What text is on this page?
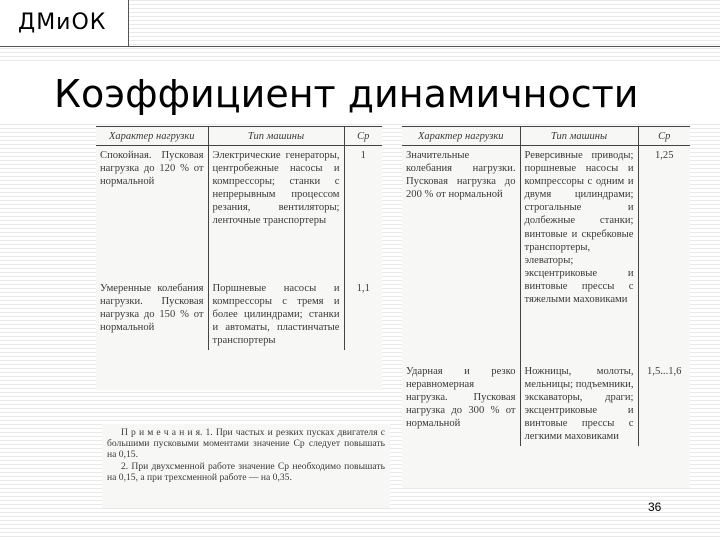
ДМиОК
Коэффициент динамичности
Характер нагрузки	Тип машины	Cр
Спокойная. Пусковая нагрузка до 120 % от нормальной	Электрические генераторы, центробежные насосы и компрессоры; станки с непрерывным процессом резания, вентиляторы; ленточные транспортеры	1
Умеренные колебания нагрузки. Пусковая нагрузка до 150 % от нормальной	Поршневые насосы и компрессоры с тремя и более цилиндрами; станки и автоматы, пластинчатые транспортеры	1,1

П р и м е ч а н и я. 1. При частых и резких пусках двигателя с большими пусковыми моментами значение Cр следует повышать на 0,15.

2. При двухсменной работе значение Cр необходимо повышать на 0,15, а при трехсменной работе — на 0,35.

Характер нагрузки	Тип машины	Cр
Значительные колебания нагрузки. Пусковая нагрузка до 200 % от нормальной	Реверсивные приводы; поршневые насосы и компрессоры с одним и двумя цилиндрами; строгальные и долбежные станки; винтовые и скребковые транспортеры, элеваторы; эксцентриковые и винтовые прессы с тяжелыми маховиками	1,25
Ударная и резко неравномерная нагрузка. Пусковая нагрузка до 300 % от нормальной	Ножницы, молоты, мельницы; подъемники, экскаваторы, драги; эксцентриковые и винтовые прессы с легкими маховиками	1,5...1,6
36
